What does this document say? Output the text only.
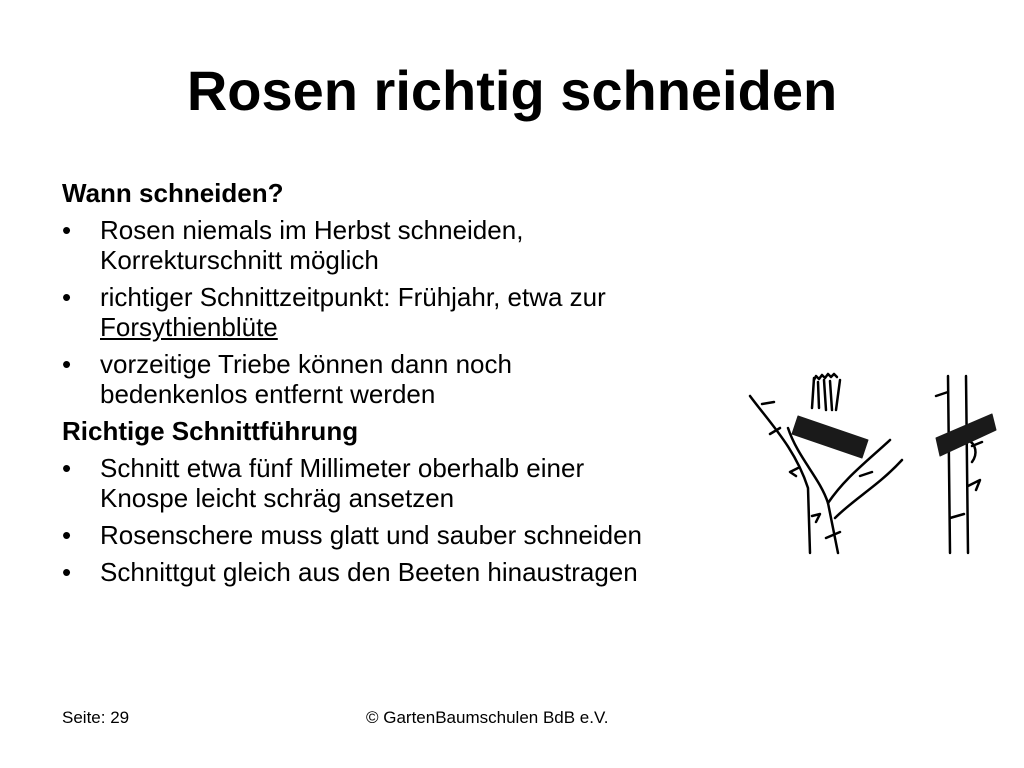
Rosen richtig schneiden
Wann schneiden?
• Rosen niemals im Herbst schneiden,
Korrekturschnitt möglich
• richtiger Schnittzeitpunkt: Frühjahr, etwa zur
Forsythienblüte
• vorzeitige Triebe können dann noch
bedenkenlos entfernt werden
Richtige Schnittführung
• Schnitt etwa fünf Millimeter oberhalb einer
Knospe leicht schräg ansetzen
• Rosenschere muss glatt und sauber schneiden
• Schnittgut gleich aus den Beeten hinaustragen
Seite: 29	© GartenBaumschulen BdB e.V.
